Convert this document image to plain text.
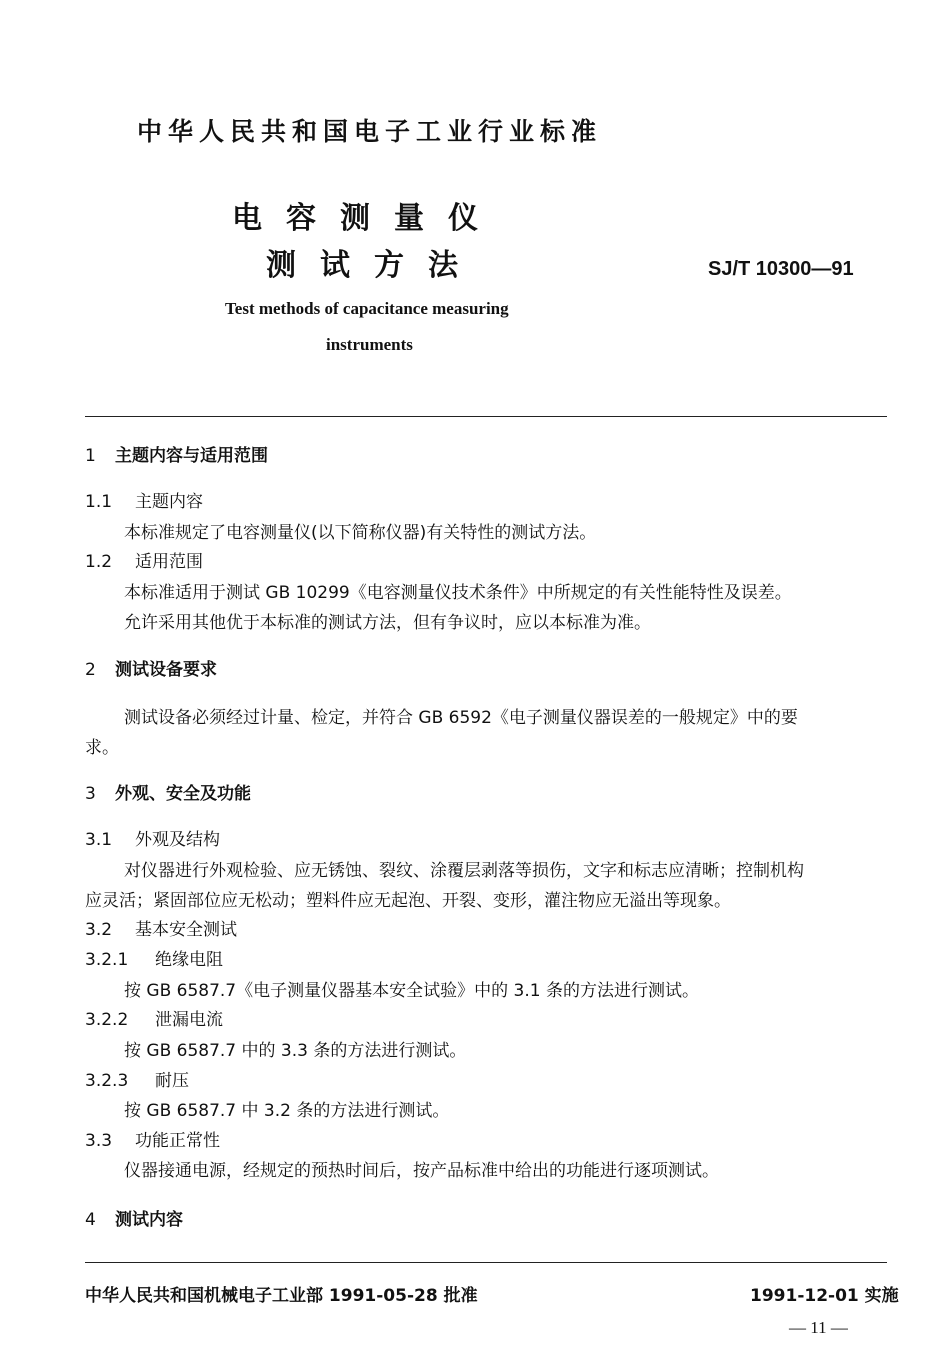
中华人民共和国电子工业行业标准
电容测量仪
测试方法	SJ/T 10300—91
Test methods of capacitance measuring
instruments
1 主题内容与适用范围
1.1 主题内容
本标准规定了电容测量仪(以下简称仪器)有关特性的测试方法。
1.2 适用范围
本标准适用于测试 GB 10299《电容测量仪技术条件》中所规定的有关性能特性及误差。
允许采用其他优于本标准的测试方法，但有争议时，应以本标准为准。
2 测试设备要求
测试设备必须经过计量、检定，并符合 GB 6592《电子测量仪器误差的一般规定》中的要
求。
3 外观、安全及功能
3.1 外观及结构
对仪器进行外观检验、应无锈蚀、裂纹、涂覆层剥落等损伤，文字和标志应清晰；控制机构
应灵活；紧固部位应无松动；塑料件应无起泡、开裂、变形，灌注物应无溢出等现象。
3.2 基本安全测试
3.2.1 绝缘电阻
按 GB 6587.7《电子测量仪器基本安全试验》中的 3.1 条的方法进行测试。
3.2.2 泄漏电流
按 GB 6587.7 中的 3.3 条的方法进行测试。
3.2.3 耐压
按 GB 6587.7 中 3.2 条的方法进行测试。
3.3 功能正常性
仪器接通电源，经规定的预热时间后，按产品标准中给出的功能进行逐项测试。
4 测试内容
中华人民共和国机械电子工业部 1991-05-28 批准	1991-12-01 实施
— 11 —
